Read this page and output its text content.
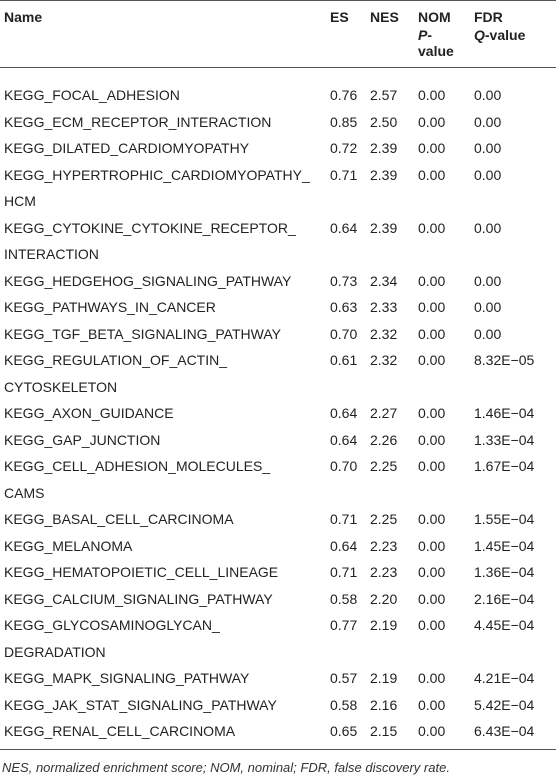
Name	ES	NES	NOM	FDR
			P-value	Q-value

KEGG_FOCAL_ADHESION	0.76	2.57	0.00	0.00
KEGG_ECM_RECEPTOR_INTERACTION	0.85	2.50	0.00	0.00
KEGG_DILATED_CARDIOMYOPATHY	0.72	2.39	0.00	0.00
KEGG_HYPERTROPHIC_CARDIOMYOPATHY_	0.71	2.39	0.00	0.00
HCM				
KEGG_CYTOKINE_CYTOKINE_RECEPTOR_	0.64	2.39	0.00	0.00
INTERACTION				
KEGG_HEDGEHOG_SIGNALING_PATHWAY	0.73	2.34	0.00	0.00
KEGG_PATHWAYS_IN_CANCER	0.63	2.33	0.00	0.00
KEGG_TGF_BETA_SIGNALING_PATHWAY	0.70	2.32	0.00	0.00
KEGG_REGULATION_OF_ACTIN_	0.61	2.32	0.00	8.32E−05
CYTOSKELETON				
KEGG_AXON_GUIDANCE	0.64	2.27	0.00	1.46E−04
KEGG_GAP_JUNCTION	0.64	2.26	0.00	1.33E−04
KEGG_CELL_ADHESION_MOLECULES_	0.70	2.25	0.00	1.67E−04
CAMS				
KEGG_BASAL_CELL_CARCINOMA	0.71	2.25	0.00	1.55E−04
KEGG_MELANOMA	0.64	2.23	0.00	1.45E−04
KEGG_HEMATOPOIETIC_CELL_LINEAGE	0.71	2.23	0.00	1.36E−04
KEGG_CALCIUM_SIGNALING_PATHWAY	0.58	2.20	0.00	2.16E−04
KEGG_GLYCOSAMINOGLYCAN_	0.77	2.19	0.00	4.45E−04
DEGRADATION				
KEGG_MAPK_SIGNALING_PATHWAY	0.57	2.19	0.00	4.21E−04
KEGG_JAK_STAT_SIGNALING_PATHWAY	0.58	2.16	0.00	5.42E−04
KEGG_RENAL_CELL_CARCINOMA	0.65	2.15	0.00	6.43E−04
NES, normalized enrichment score; NOM, nominal; FDR, false discovery rate.				
